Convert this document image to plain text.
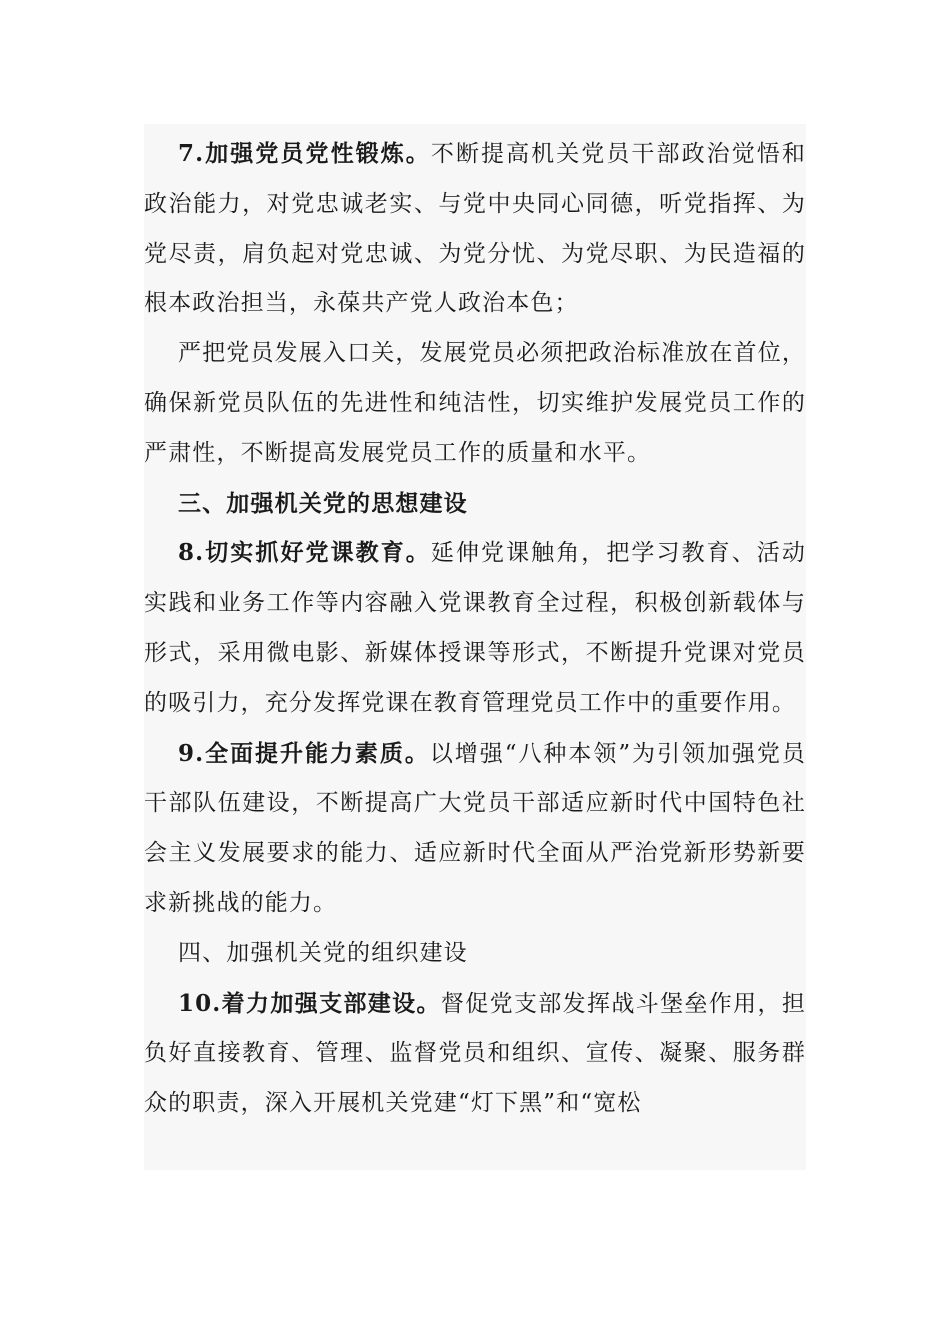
7.加强党员党性锻炼。不断提高机关党员干部政治觉悟和政治能力，对党忠诚老实、与党中央同心同德，听党指挥、为党尽责，肩负起对党忠诚、为党分忧、为党尽职、为民造福的根本政治担当，永葆共产党人政治本色；

严把党员发展入口关，发展党员必须把政治标准放在首位，确保新党员队伍的先进性和纯洁性，切实维护发展党员工作的严肃性，不断提高发展党员工作的质量和水平。

三、加强机关党的思想建设

8.切实抓好党课教育。延伸党课触角，把学习教育、活动实践和业务工作等内容融入党课教育全过程，积极创新载体与形式，采用微电影、新媒体授课等形式，不断提升党课对党员的吸引力，充分发挥党课在教育管理党员工作中的重要作用。

9.全面提升能力素质。以增强“八种本领”为引领加强党员干部队伍建设，不断提高广大党员干部适应新时代中国特色社会主义发展要求的能力、适应新时代全面从严治党新形势新要求新挑战的能力。

四、加强机关党的组织建设

10.着力加强支部建设。督促党支部发挥战斗堡垒作用，担负好直接教育、管理、监督党员和组织、宣传、凝聚、服务群众的职责，深入开展机关党建“灯下黑”和“宽松
